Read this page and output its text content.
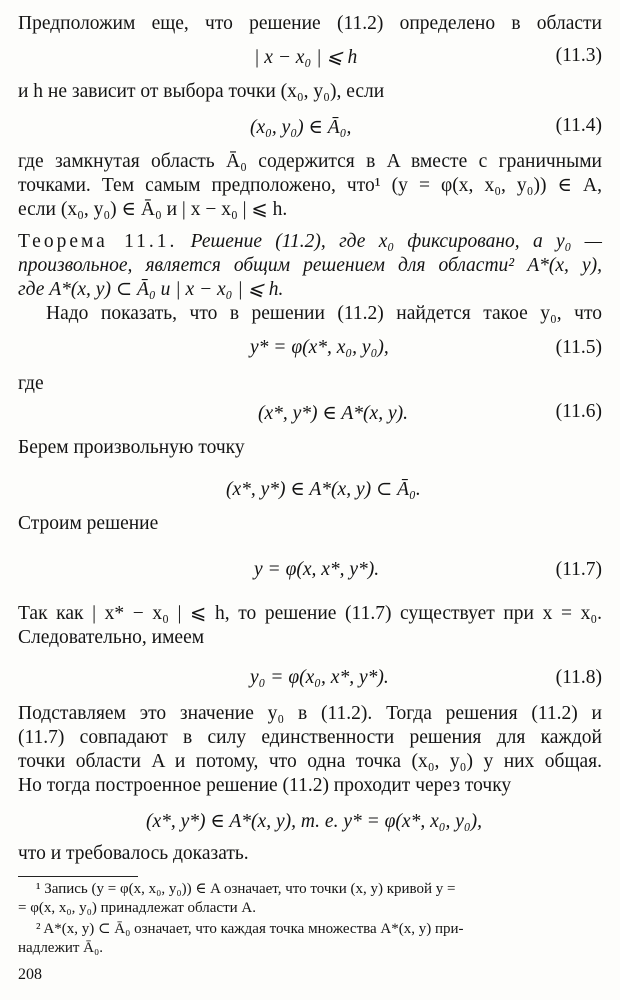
Предположим еще, что решение (11.2) определено в области
| x − x₀ | ⩽ h	(11.3)
и h не зависит от выбора точки (x₀, y₀), если
(x₀, y₀) ∈ Ā₀,	(11.4)
где замкнутая область Ā₀ содержится в A вместе с граничными
точками. Тем самым предположено, что¹ (y = φ(x, x₀, y₀)) ∈ A,
если (x₀, y₀) ∈ Ā₀ и | x − x₀ | ⩽ h.
Теорема 11.1. Решение (11.2), где x₀ фиксировано, а y₀ —
произвольное, является общим решением для области² A*(x, y),
где A*(x, y) ⊂ Ā₀ и | x − x₀ | ⩽ h.
Надо показать, что в решении (11.2) найдется такое y₀, что
y* = φ(x*, x₀, y₀),	(11.5)
где
(x*, y*) ∈ A*(x, y).	(11.6)
Берем произвольную точку
(x*, y*) ∈ A*(x, y) ⊂ Ā₀.
Строим решение
y = φ(x, x*, y*).	(11.7)
Так как | x* − x₀ | ⩽ h, то решение (11.7) существует при x = x₀.
Следовательно, имеем
y₀ = φ(x₀, x*, y*).	(11.8)
Подставляем это значение y₀ в (11.2). Тогда решения (11.2) и
(11.7) совпадают в силу единственности решения для каждой
точки области A и потому, что одна точка (x₀, y₀) у них общая.
Но тогда построенное решение (11.2) проходит через точку
(x*, y*) ∈ A*(x, y), т. е. y* = φ(x*, x₀, y₀),
что и требовалось доказать.
¹ Запись (y = φ(x, x₀, y₀)) ∈ A означает, что точки (x, y) кривой y =
= φ(x, x₀, y₀) принадлежат области A.
² A*(x, y) ⊂ Ā₀ означает, что каждая точка множества A*(x, y) при-
надлежит Ā₀.
208
